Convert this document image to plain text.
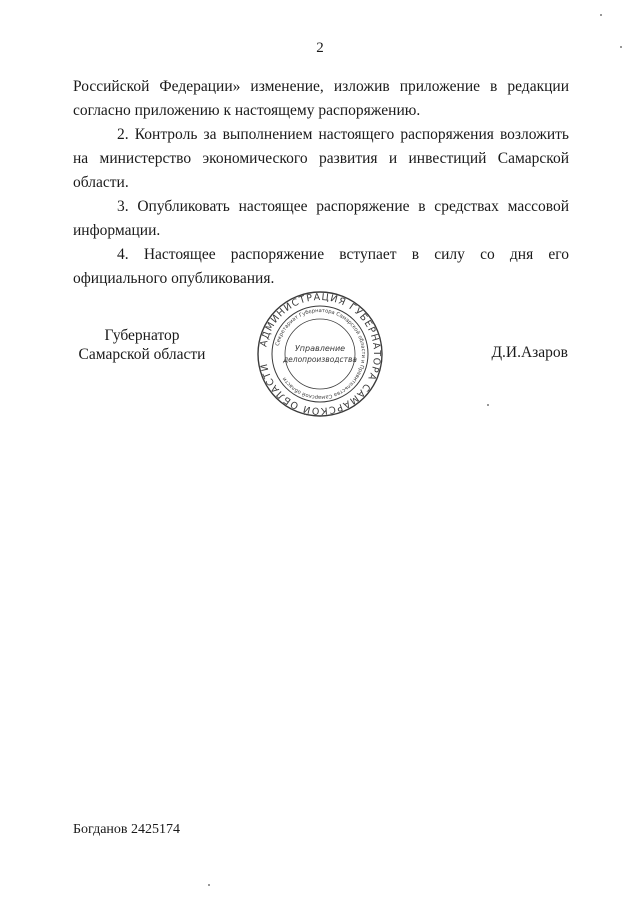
2

Российской Федерации» изменение, изложив приложение в редакции согласно приложению к настоящему распоряжению.

2. Контроль за выполнением настоящего распоряжения возложить на министерство экономического развития и инвестиций Самарской области.

3. Опубликовать настоящее распоряжение в средствах массовой информации.

4. Настоящее распоряжение вступает в силу со дня его официального опубликования.

Губернатор
Самарской области
АДМИНИСТРАЦИЯ ГУБЕРНАТОРА САМАРСКОЙ ОБЛАСТИ
Секретариат Губернатора Самарской области и Правительства Самарской области
Управление
делопроизводства	Д.И.Азаров
Богданов 2425174
